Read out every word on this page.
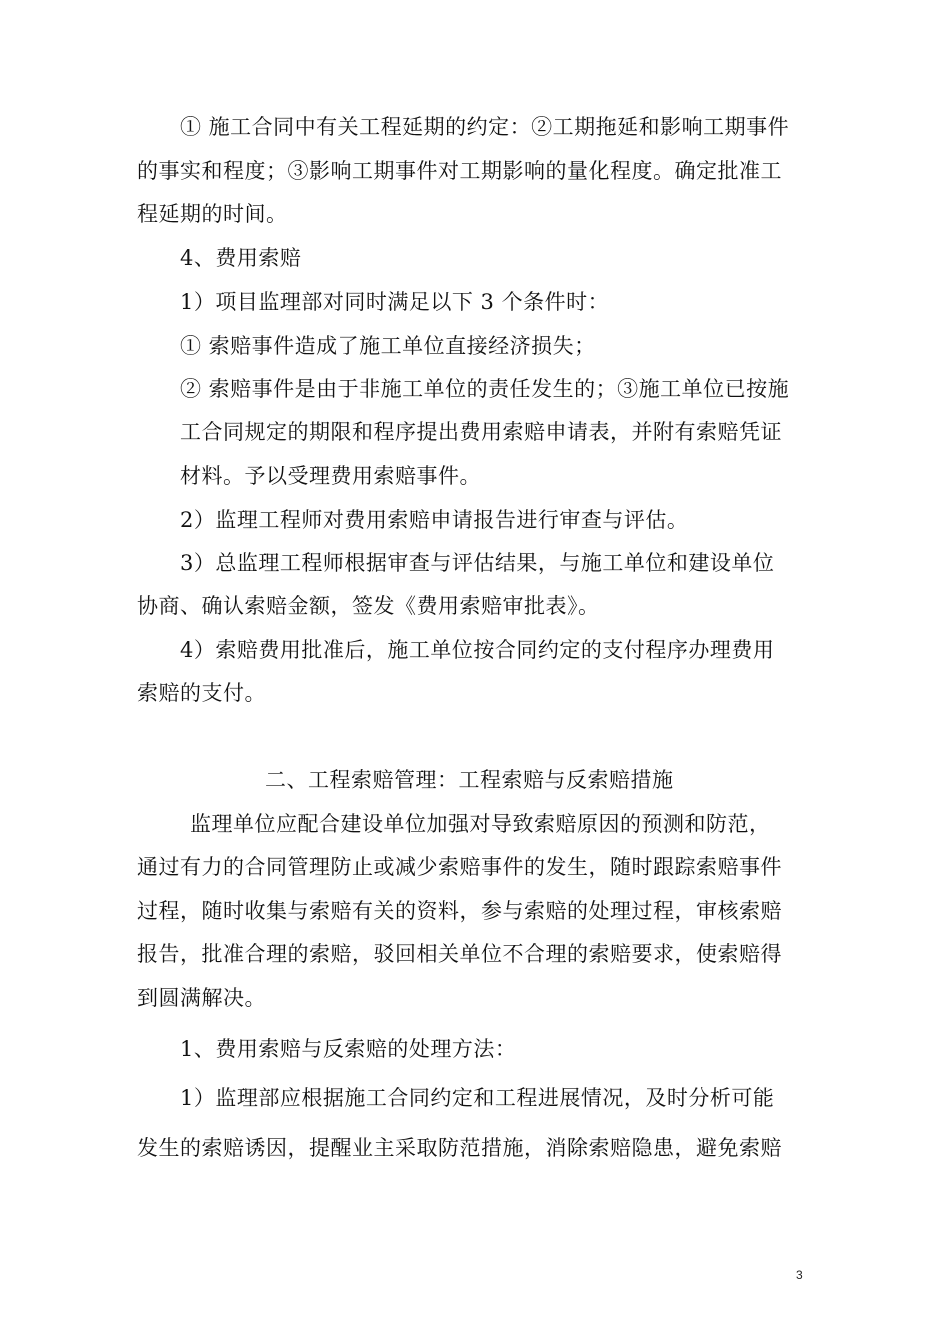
① 施工合同中有关工程延期的约定：②工期拖延和影响工期事件
的事实和程度；③影响工期事件对工期影响的量化程度。确定批准工
程延期的时间。
4、费用索赔
1）项目监理部对同时满足以下 3 个条件时：
① 索赔事件造成了施工单位直接经济损失；
② 索赔事件是由于非施工单位的责任发生的；③施工单位已按施
工合同规定的期限和程序提出费用索赔申请表，并附有索赔凭证
材料。予以受理费用索赔事件。
2）监理工程师对费用索赔申请报告进行审查与评估。
3）总监理工程师根据审查与评估结果，与施工单位和建设单位
协商、确认索赔金额，签发《费用索赔审批表》。
4）索赔费用批准后，施工单位按合同约定的支付程序办理费用
索赔的支付。
二、工程索赔管理：工程索赔与反索赔措施
监理单位应配合建设单位加强对导致索赔原因的预测和防范，
通过有力的合同管理防止或减少索赔事件的发生，随时跟踪索赔事件
过程，随时收集与索赔有关的资料，参与索赔的处理过程，审核索赔
报告，批准合理的索赔，驳回相关单位不合理的索赔要求，使索赔得
到圆满解决。
1、费用索赔与反索赔的处理方法：
1）监理部应根据施工合同约定和工程进展情况，及时分析可能
发生的索赔诱因，提醒业主采取防范措施，消除索赔隐患，避免索赔
3
